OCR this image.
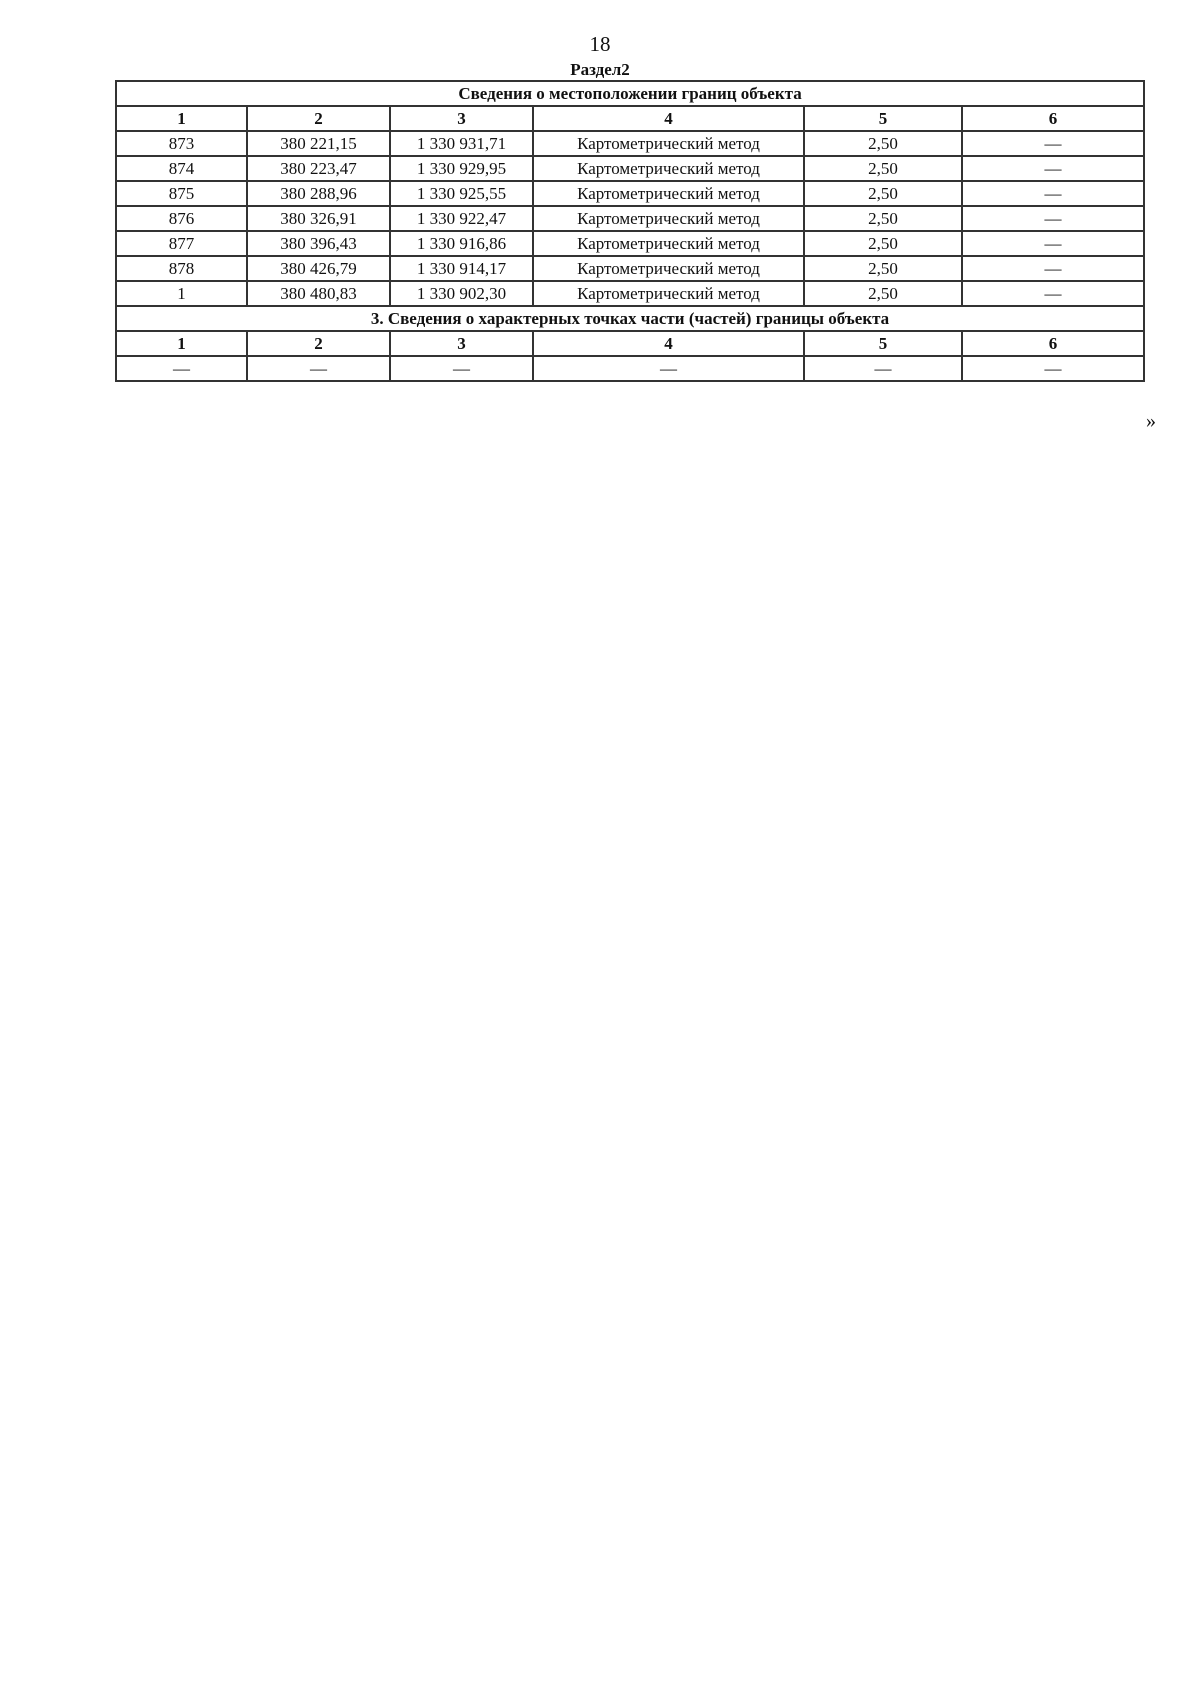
18
Раздел2
Сведения о местоположении границ объекта					
1	2	3	4	5	6
873	380 221,15	1 330 931,71	Картометрический метод	2,50	—
874	380 223,47	1 330 929,95	Картометрический метод	2,50	—
875	380 288,96	1 330 925,55	Картометрический метод	2,50	—
876	380 326,91	1 330 922,47	Картометрический метод	2,50	—
877	380 396,43	1 330 916,86	Картометрический метод	2,50	—
878	380 426,79	1 330 914,17	Картометрический метод	2,50	—
1	380 480,83	1 330 902,30	Картометрический метод	2,50	—
3. Сведения о характерных точках части (частей) границы объекта					
1	2	3	4	5	6
—	—	—	—	—	—
»
